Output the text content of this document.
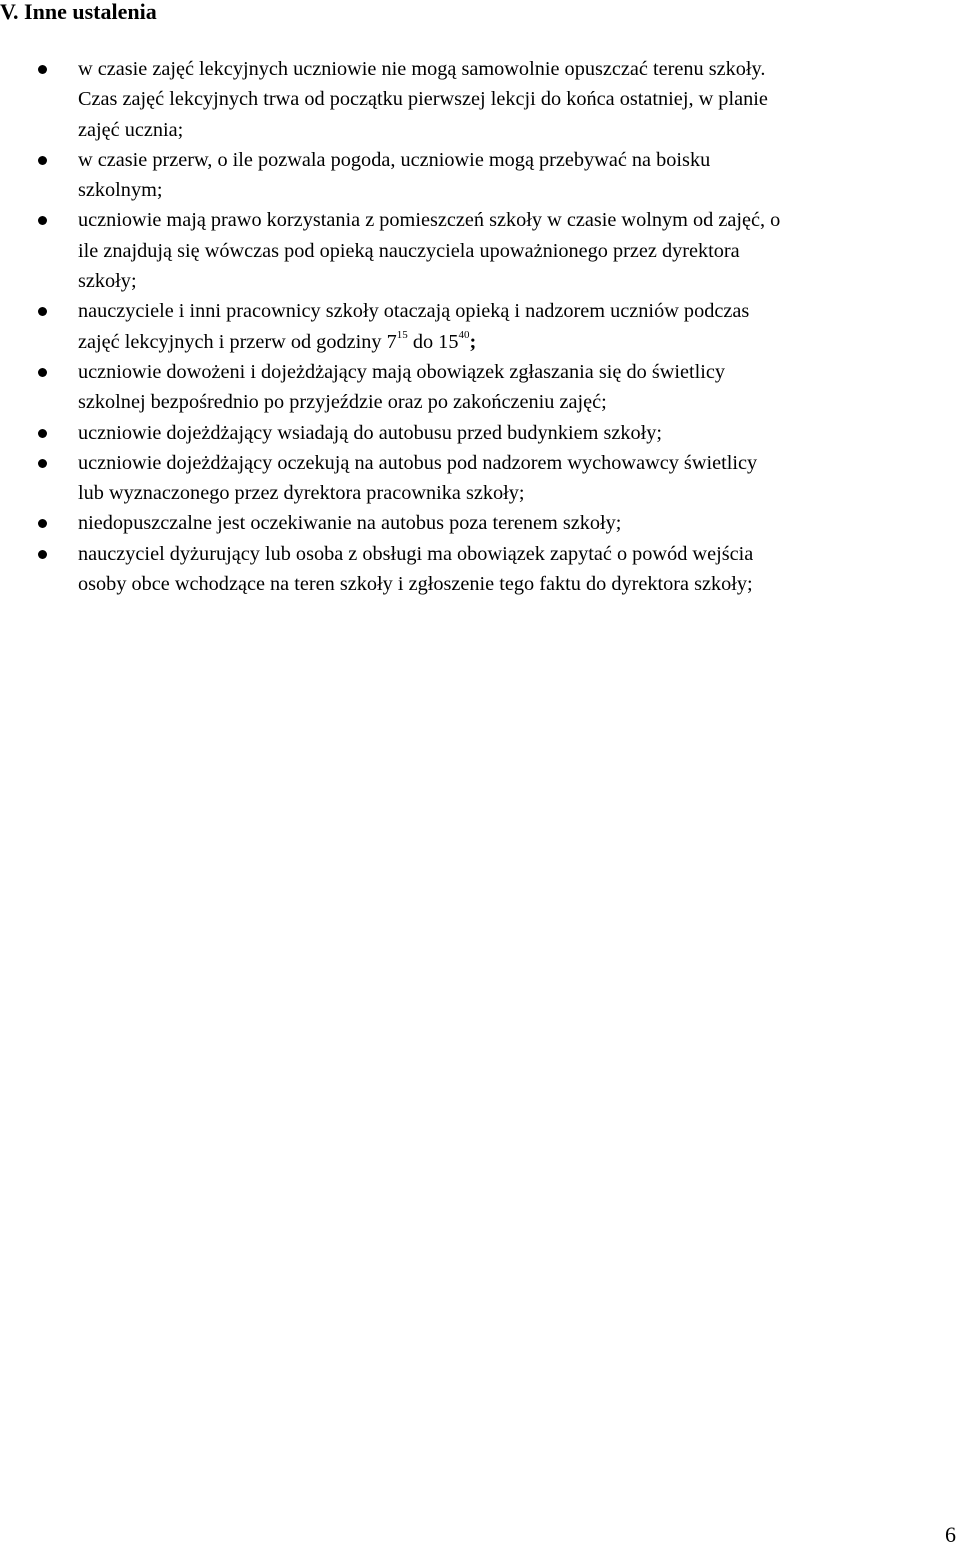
V. Inne ustalenia
w czasie zajęć lekcyjnych uczniowie nie mogą samowolnie opuszczać terenu szkoły.
Czas zajęć lekcyjnych trwa od początku pierwszej lekcji do końca ostatniej, w planie
zajęć ucznia;
w czasie przerw, o ile pozwala pogoda, uczniowie mogą przebywać na boisku
szkolnym;
uczniowie mają prawo korzystania z pomieszczeń szkoły w czasie wolnym od zajęć, o
ile znajdują się wówczas pod opieką nauczyciela upoważnionego przez dyrektora
szkoły;
nauczyciele i inni pracownicy szkoły otaczają opieką i nadzorem uczniów podczas
zajęć lekcyjnych i przerw od godziny $7^{15}$ do $15^{40}$;
uczniowie dowożeni i dojeżdżający mają obowiązek zgłaszania się do świetlicy
szkolnej bezpośrednio po przyjeździe oraz po zakończeniu zajęć;
uczniowie dojeżdżający wsiadają do autobusu przed budynkiem szkoły;
uczniowie dojeżdżający oczekują na autobus pod nadzorem wychowawcy świetlicy
lub wyznaczonego przez dyrektora pracownika szkoły;
niedopuszczalne jest oczekiwanie na autobus poza terenem szkoły;
nauczyciel dyżurujący lub osoba z obsługi ma obowiązek zapytać o powód wejścia
osoby obce wchodzące na teren szkoły i zgłoszenie tego faktu do dyrektora szkoły;
6
